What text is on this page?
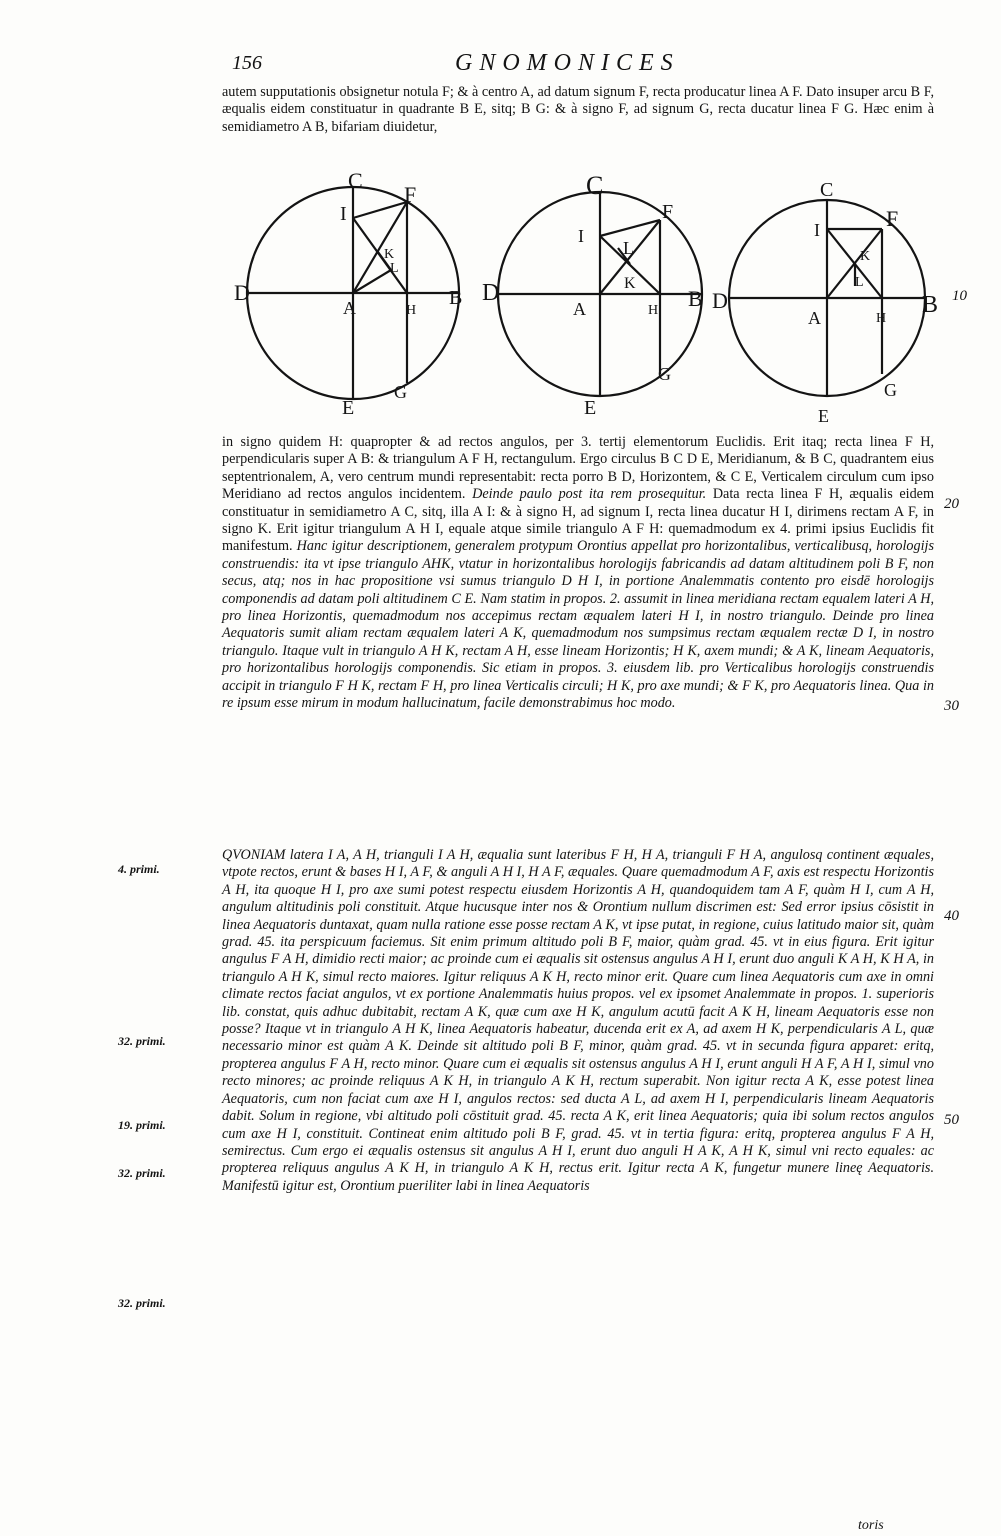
156	GNOMONICES

autem supputationis obsignetur notula F; & à centro A, ad datum signum F, recta producatur linea A F. Dato insuper arcu B F, æqualis eidem constituatur in quadrante B E, sitq; B G: & à signo F, ad signum G, recta ducatur linea F G. Hæc enim à semidiametro A B, bifariam diuidetur,

C
F
I
K
L
D
A	H
B
G
E
C
F
I
L
K
D
A	H B
G
E
C
F
I
K
L
D
A	H
B
G
E

in signo quidem H: quapropter & ad rectos angulos, per 3. tertij elementorum Euclidis. Erit itaq; recta linea F H, perpendicularis super A B: & triangulum A F H, rectangulum. Ergo circulus B C D E, Meridianum, & B C, quadrantem eius septentrionalem, A, vero centrum mundi representabit: recta porro B D, Horizontem, & C E, Verticalem circulum cum ipso Meridiano ad rectos angulos incidentem. Deinde paulo post ita rem prosequitur. Data recta linea F H, æqualis eidem constituatur in semidiametro A C, sitq, illa A I: & à signo H, ad signum I, recta linea ducatur H I, dirimens rectam A F, in signo K. Erit igitur triangulum A H I, equale atque simile triangulo A F H: quemadmodum ex 4. primi ipsius Euclidis fit manifestum. Hanc igitur descriptionem, generalem protypum Orontius appellat pro horizontalibus, verticalibusq, horologijs construendis: ita vt ipse triangulo AHK, vtatur in horizontalibus horologijs fabricandis ad datam altitudinem poli B F, non secus, atq; nos in hac propositione vsi sumus triangulo D H I, in portione Analemmatis contento pro eisdē horologijs componendis ad datam poli altitudinem C E. Nam statim in propos. 2. assumit in linea meridiana rectam equalem lateri A H, pro linea Horizontis, quemadmodum nos accepimus rectam æqualem lateri H I, in nostro triangulo. Deinde pro linea Aequatoris sumit aliam rectam æqualem lateri A K, quemadmodum nos sumpsimus rectam æqualem rectæ D I, in nostro triangulo. Itaque vult in triangulo A H K, rectam A H, esse lineam Horizontis; H K, axem mundi; & A K, lineam Aequatoris, pro horizontalibus horologijs componendis. Sic etiam in propos. 3. eiusdem lib. pro Verticalibus horologijs construendis accipit in triangulo F H K, rectam F H, pro linea Verticalis circuli; H K, pro axe mundi; & F K, pro Aequatoris linea. Qua in re ipsum esse mirum in modum hallucinatum, facile demonstrabimus hoc modo.

QVONIAM latera I A, A H, trianguli I A H, æqualia sunt lateribus F H, H A, trianguli F H A, angulosq continent æquales, vtpote rectos, erunt & bases H I, A F, & anguli A H I, H A F, æquales. Quare quemadmodum A F, axis est respectu Horizontis A H, ita quoque H I, pro axe sumi potest respectu eiusdem Horizontis A H, quandoquidem tam A F, quàm H I, cum A H, angulum altitudinis poli constituit. Atque hucusque inter nos & Orontium nullum discrimen est: Sed error ipsius cōsistit in linea Aequatoris duntaxat, quam nulla ratione esse posse rectam A K, vt ipse putat, in regione, cuius latitudo maior sit, quàm grad. 45. ita perspicuum faciemus. Sit enim primum altitudo poli B F, maior, quàm grad. 45. vt in eius figura. Erit igitur angulus F A H, dimidio recti maior; ac proinde cum ei æqualis sit ostensus angulus A H I, erunt duo anguli K A H, K H A, in triangulo A H K, simul recto maiores. Igitur reliquus A K H, recto minor erit. Quare cum linea Aequatoris cum axe in omni climate rectos faciat angulos, vt ex portione Analemmatis huius propos. vel ex ipsomet Analemmate in propos. 1. superioris lib. constat, quis adhuc dubitabit, rectam A K, quæ cum axe H K, angulum acutū facit A K H, lineam Aequatoris esse non posse? Itaque vt in triangulo A H K, linea Aequatoris habeatur, ducenda erit ex A, ad axem H K, perpendicularis A L, quæ necessario minor est quàm A K. Deinde sit altitudo poli B F, minor, quàm grad. 45. vt in secunda figura apparet: eritq, propterea angulus F A H, recto minor. Quare cum ei æqualis sit ostensus angulus A H I, erunt anguli H A F, A H I, simul vno recto minores; ac proinde reliquus A K H, in triangulo A K H, rectum superabit. Non igitur recta A K, esse potest linea Aequatoris, cum non faciat cum axe H I, angulos rectos: sed ducta A L, ad axem H I, perpendicularis lineam Aequatoris dabit. Solum in regione, vbi altitudo poli cōstituit grad. 45. recta A K, erit linea Aequatoris; quia ibi solum rectos angulos cum axe H I, constituit. Contineat enim altitudo poli B F, grad. 45. vt in tertia figura: eritq, propterea angulus F A H, semirectus. Cum ergo ei æqualis ostensus sit angulus A H I, erunt duo anguli H A K, A H K, simul vni recto equales: ac propterea reliquus angulus A K H, in triangulo A K H, rectus erit. Igitur recta A K, fungetur munere lineę Aequatoris. Manifestū igitur est, Orontium pueriliter labi in linea Aequatoris

toris
10
20
30
40
50
4. primi.
32. primi.
19. primi.
32. primi.
32. primi.
